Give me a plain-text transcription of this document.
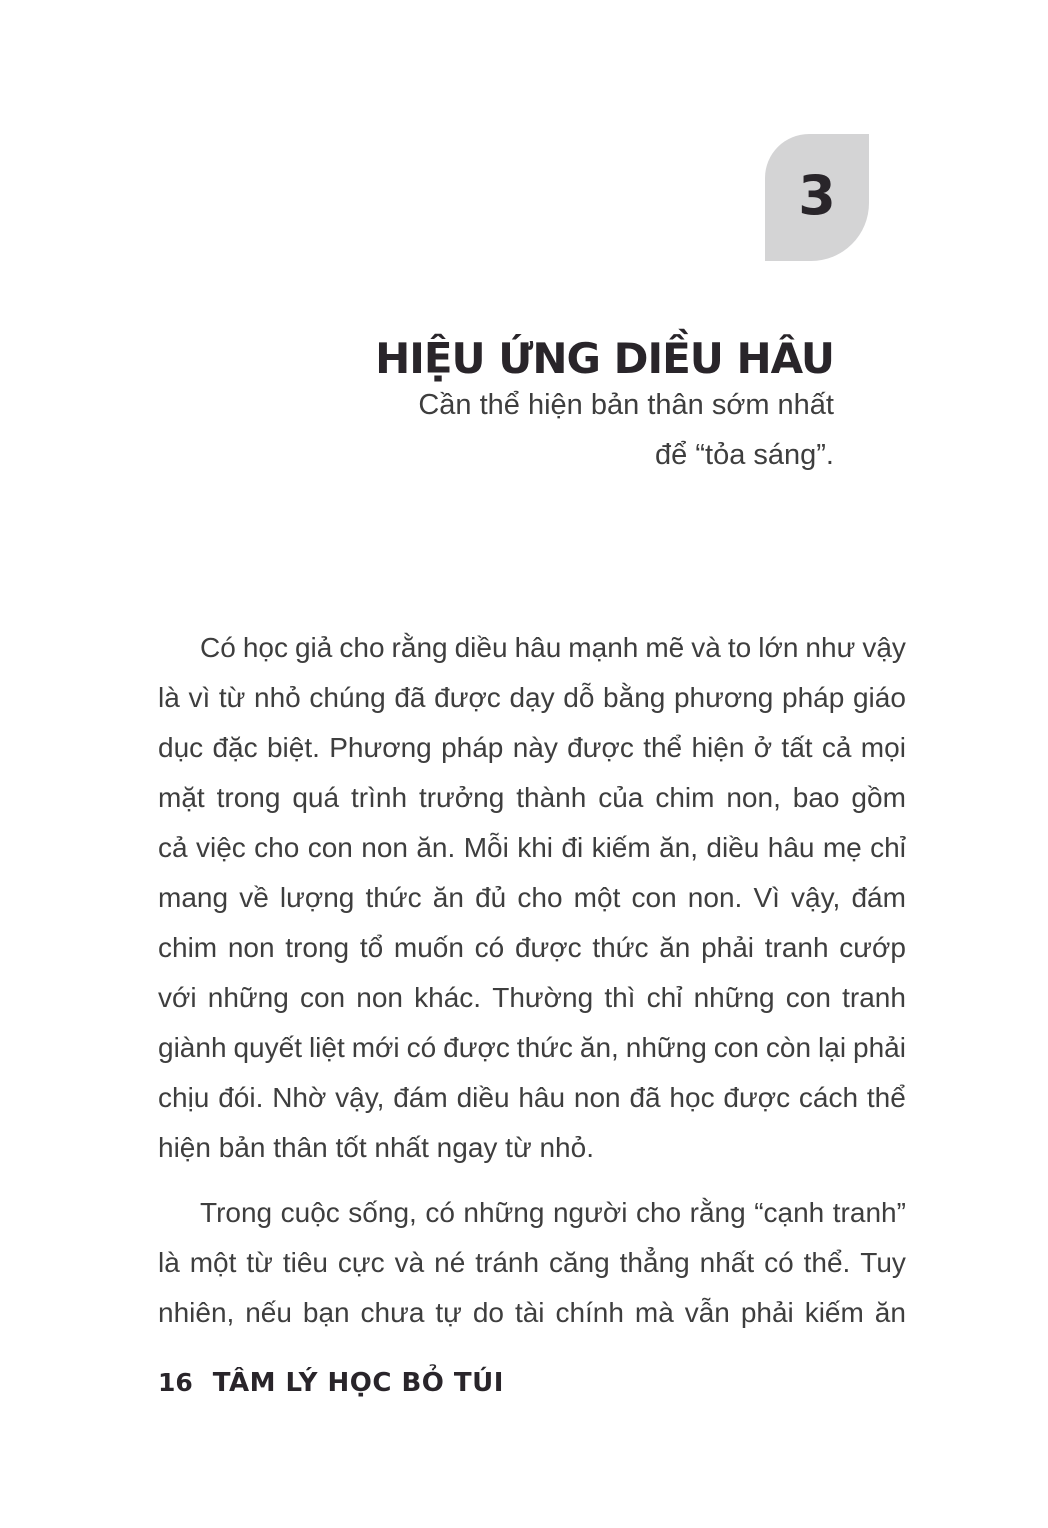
3
HIỆU ỨNG DIỀU HÂU
Cần thể hiện bản thân sớm nhất
để “tỏa sáng”.
Có học giả cho rằng diều hâu mạnh mẽ và to lớn như vậy
là vì từ nhỏ chúng đã được dạy dỗ bằng phương pháp giáo
dục đặc biệt. Phương pháp này được thể hiện ở tất cả mọi
mặt trong quá trình trưởng thành của chim non, bao gồm
cả việc cho con non ăn. Mỗi khi đi kiếm ăn, diều hâu mẹ chỉ
mang về lượng thức ăn đủ cho một con non. Vì vậy, đám
chim non trong tổ muốn có được thức ăn phải tranh cướp
với những con non khác. Thường thì chỉ những con tranh
giành quyết liệt mới có được thức ăn, những con còn lại phải
chịu đói. Nhờ vậy, đám diều hâu non đã học được cách thể
hiện bản thân tốt nhất ngay từ nhỏ.
Trong cuộc sống, có những người cho rằng “cạnh tranh”
là một từ tiêu cực và né tránh căng thẳng nhất có thể. Tuy
nhiên, nếu bạn chưa tự do tài chính mà vẫn phải kiếm ăn
16 TÂM LÝ HỌC BỎ TÚI
